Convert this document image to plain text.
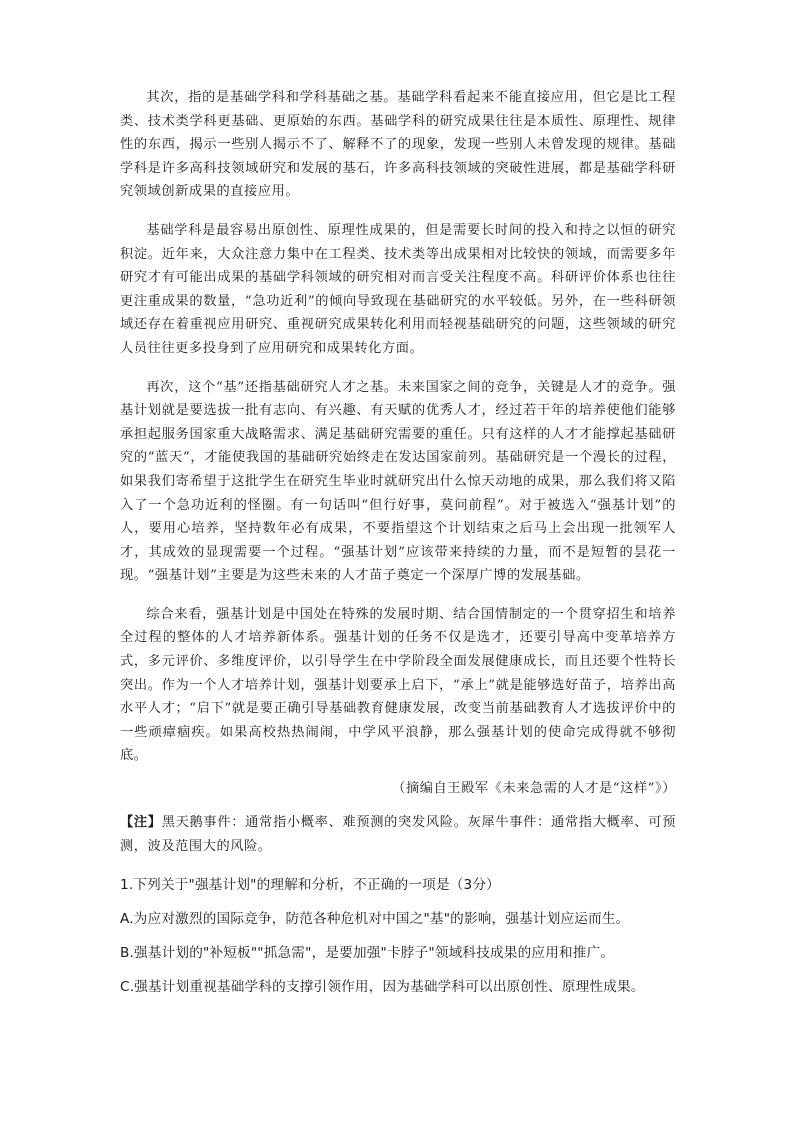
其次，指的是基础学科和学科基础之基。基础学科看起来不能直接应用，但它是比工程类、技术类学科更基础、更原始的东西。基础学科的研究成果往往是本质性、原理性、规律性的东西，揭示一些别人揭示不了、解释不了的现象，发现一些别人未曾发现的规律。基础学科是许多高科技领域研究和发展的基石，许多高科技领域的突破性进展，都是基础学科研究领域创新成果的直接应用。

基础学科是最容易出原创性、原理性成果的，但是需要长时间的投入和持之以恒的研究积淀。近年来，大众注意力集中在工程类、技术类等出成果相对比较快的领域，而需要多年研究才有可能出成果的基础学科领域的研究相对而言受关注程度不高。科研评价体系也往往更注重成果的数量，“急功近利”的倾向导致现在基础研究的水平较低。另外，在一些科研领域还存在着重视应用研究、重视研究成果转化利用而轻视基础研究的问题，这些领域的研究人员往往更多投身到了应用研究和成果转化方面。

再次，这个“基”还指基础研究人才之基。未来国家之间的竞争，关键是人才的竞争。强基计划就是要选拔一批有志向、有兴趣、有天赋的优秀人才，经过若干年的培养使他们能够承担起服务国家重大战略需求、满足基础研究需要的重任。只有这样的人才才能撑起基础研究的“蓝天”，才能使我国的基础研究始终走在发达国家前列。基础研究是一个漫长的过程，如果我们寄希望于这批学生在研究生毕业时就研究出什么惊天动地的成果，那么我们将又陷入了一个急功近利的怪圈。有一句话叫“但行好事，莫问前程”。对于被选入“强基计划”的人，要用心培养，坚持数年必有成果，不要指望这个计划结束之后马上会出现一批领军人才，其成效的显现需要一个过程。“强基计划”应该带来持续的力量，而不是短暂的昙花一现。“强基计划”主要是为这些未来的人才苗子奠定一个深厚广博的发展基础。

综合来看，强基计划是中国处在特殊的发展时期、结合国情制定的一个贯穿招生和培养全过程的整体的人才培养新体系。强基计划的任务不仅是选才，还要引导高中变革培养方式，多元评价、多维度评价，以引导学生在中学阶段全面发展健康成长，而且还要个性特长突出。作为一个人才培养计划，强基计划要承上启下，“承上”就是能够选好苗子，培养出高水平人才；“启下”就是要正确引导基础教育健康发展，改变当前基础教育人才选拔评价中的一些顽瘴痼疾。如果高校热热闹闹，中学风平浪静，那么强基计划的使命完成得就不够彻底。

（摘编自王殿军《未来急需的人才是“这样”》）

【注】黑天鹅事件：通常指小概率、难预测的突发风险。灰犀牛事件：通常指大概率、可预测，波及范围大的风险。

1.下列关于"强基计划"的理解和分析，不正确的一项是（3分）

A.为应对激烈的国际竞争，防范各种危机对中国之"基"的影响，强基计划应运而生。

B.强基计划的"补短板""抓急需"，是要加强"卡脖子"领域科技成果的应用和推广。

C.强基计划重视基础学科的支撑引领作用，因为基础学科可以出原创性、原理性成果。
